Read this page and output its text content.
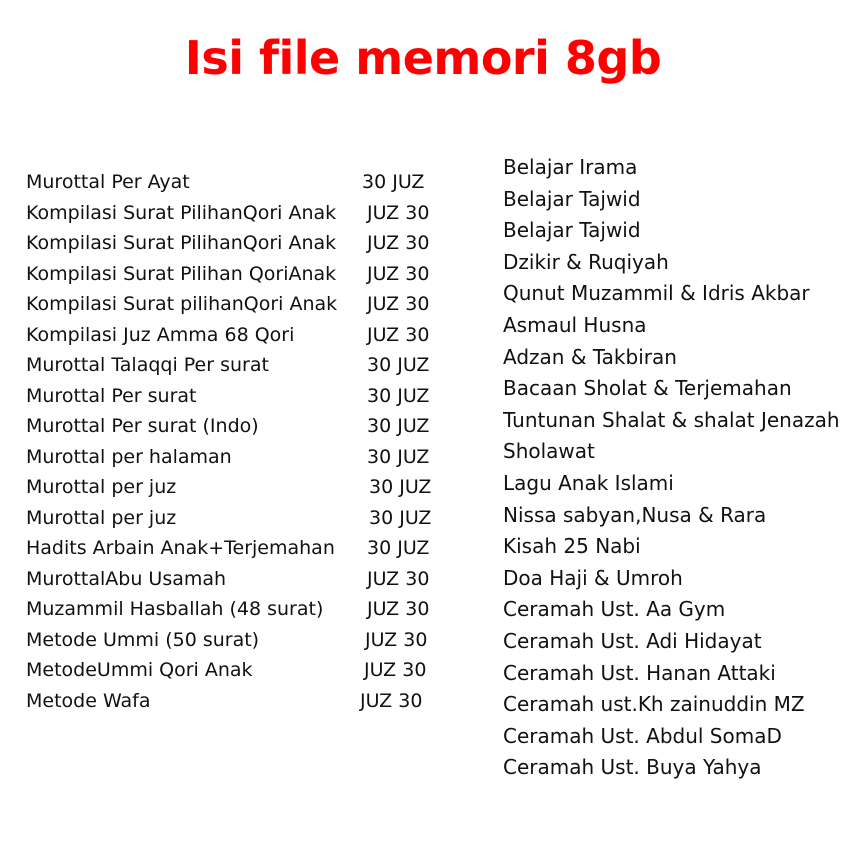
Isi file memori 8gb
Murottal Per Ayat	30 JUZ
Kompilasi Surat PilihanQori Anak JUZ 30
Kompilasi Surat PilihanQori Anak JUZ 30
Kompilasi Surat Pilihan QoriAnak JUZ 30
Kompilasi Surat pilihanQori Anak JUZ 30
Kompilasi Juz Amma 68 Qori	JUZ 30
Murottal Talaqqi Per surat	30 JUZ
Murottal Per surat	30 JUZ
Murottal Per surat (Indo)	30 JUZ
Murottal per halaman	30 JUZ
Murottal per juz	30 JUZ
Murottal per juz	30 JUZ
Hadits Arbain Anak+Terjemahan 30 JUZ
MurottalAbu Usamah	JUZ 30
Muzammil Hasballah (48 surat) JUZ 30
Metode Ummi (50 surat)	JUZ 30
MetodeUmmi Qori Anak	JUZ 30
Metode Wafa	JUZ 30
Belajar Irama
Belajar Tajwid
Belajar Tajwid
Dzikir & Ruqiyah
Qunut Muzammil & Idris Akbar
Asmaul Husna
Adzan & Takbiran
Bacaan Sholat & Terjemahan
Tuntunan Shalat & shalat Jenazah
Sholawat
Lagu Anak Islami
Nissa sabyan,Nusa & Rara
Kisah 25 Nabi
Doa Haji & Umroh
Ceramah Ust. Aa Gym
Ceramah Ust. Adi Hidayat
Ceramah Ust. Hanan Attaki
Ceramah ust.Kh zainuddin MZ
Ceramah Ust. Abdul SomaD
Ceramah Ust. Buya Yahya
